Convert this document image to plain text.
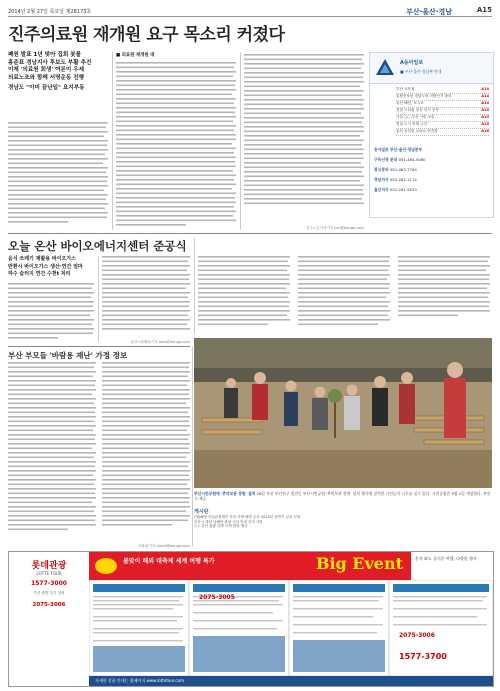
2014년 2월 27일 목요일 제28173호	부산·울산·경남	A15
진주의료원 재개원 요구 목소리 커졌다
폐원 발표 1년 맞아 집회 봇물
홍준표 경남지사 후보도 부활 추진
이제 '의료원 회생' 여론이 우세
의료노조와 함께 서명운동 진행
경남도 "이미 끝난일" 요지부동
■ 의료원 재개원 대
진주=김석찬기자 ksc@donga.com
A동아일보
■ 부산·울산·경남판 안내
부산 교육청	A14
통합진보당 경남도당 지방선거 출마	A14
울산 해안, 포스코	A14
경남 도의원 울산 선거 공약	A15
가을 ○○ 부산 시민 모임	A15
경남 도시 축제 주간	A15
울산 공업탑 교차로 안전화	A16
동아일보 부산·울산·경남본부
구독신청 문의 051-464-5080
광고문의 051-463-7784
경남지사 055-282-1114
울산지사 052-261-5533
오늘 온산 바이오에너지센터 준공식
음식 쓰레기 재활용 바이오가스
반환시 바이오가스 생산·연간 얼마
하수 슬러지 연간 수천t 처리
울산=정재락기자 raks@donga.com
부산 부모들 '바람용 재난' 가정 정보
조용휘기자 silent@donga.com
부산시민공원에 '추억보관 정원' 설치 26일 부산 부산진구 범전동 부산시민공원 '추억보관 정원' 설치 행사에 참석한 시민들이 나무를 심고 있다. 시민공원은 5월 1일 개장한다. 부산시 제공
게시판
(재)해양 산업관광재단 부산 지방 해양 수산 2014년 상반기 교육 신청
부산시 경남 남해안 관광 시설 안내 공지 사항
○○ 부산 관광 특별 시책 발표 행사
롯데관광
LOTTE TOUR
1577-3000
부산 출발 특가 상품
2075-3006
봄맞이 해외 대축제 세계 여행 특가	Big Event	혼자 와도 즐거운 여행, 다양한 행사
2075-3005
2075-3006
1577-3700
자세한 상품 안내는 홈페이지 www.lottetour.com
